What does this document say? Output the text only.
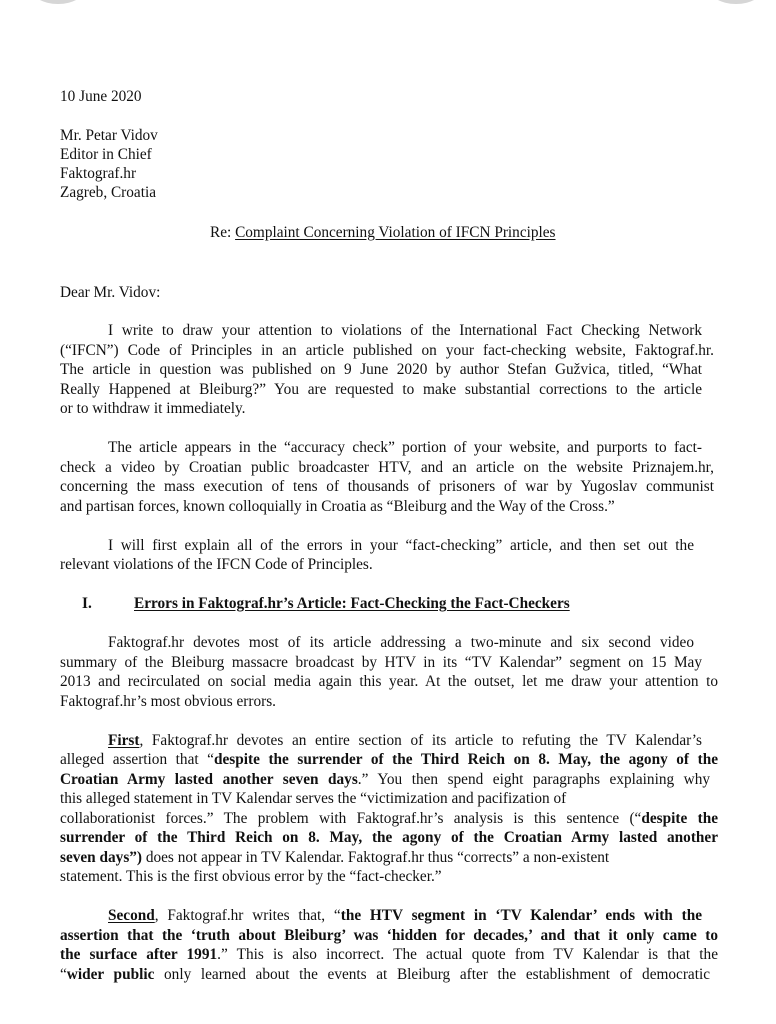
10 June 2020
Mr. Petar Vidov
Editor in Chief
Faktograf.hr
Zagreb, Croatia
Re: Complaint Concerning Violation of IFCN Principles
Dear Mr. Vidov:
I write to draw your attention to violations of the International Fact Checking Network
(“IFCN”) Code of Principles in an article published on your fact-checking website, Faktograf.hr.
The article in question was published on 9 June 2020 by author Stefan Gužvica, titled, “What
Really Happened at Bleiburg?” You are requested to make substantial corrections to the article
or to withdraw it immediately.
The article appears in the “accuracy check” portion of your website, and purports to fact-
check a video by Croatian public broadcaster HTV, and an article on the website Priznajem.hr,
concerning the mass execution of tens of thousands of prisoners of war by Yugoslav communist
and partisan forces, known colloquially in Croatia as “Bleiburg and the Way of the Cross.”
I will first explain all of the errors in your “fact-checking” article, and then set out the
relevant violations of the IFCN Code of Principles.
I.	Errors in Faktograf.hr’s Article: Fact-Checking the Fact-Checkers
Faktograf.hr devotes most of its article addressing a two-minute and six second video
summary of the Bleiburg massacre broadcast by HTV in its “TV Kalendar” segment on 15 May
2013 and recirculated on social media again this year. At the outset, let me draw your attention to
Faktograf.hr’s most obvious errors.
First, Faktograf.hr devotes an entire section of its article to refuting the TV Kalendar’s
alleged assertion that “despite the surrender of the Third Reich on 8. May, the agony of the
Croatian Army lasted another seven days.” You then spend eight paragraphs explaining why
this alleged statement in TV Kalendar serves the “victimization and pacifization of
collaborationist forces.” The problem with Faktograf.hr’s analysis is this sentence (“despite the
surrender of the Third Reich on 8. May, the agony of the Croatian Army lasted another
seven days”) does not appear in TV Kalendar. Faktograf.hr thus “corrects” a non-existent
statement. This is the first obvious error by the “fact-checker.”
Second, Faktograf.hr writes that, “the HTV segment in ‘TV Kalendar’ ends with the
assertion that the ‘truth about Bleiburg’ was ‘hidden for decades,’ and that it only came to
the surface after 1991.” This is also incorrect. The actual quote from TV Kalendar is that the
“wider public only learned about the events at Bleiburg after the establishment of democratic
